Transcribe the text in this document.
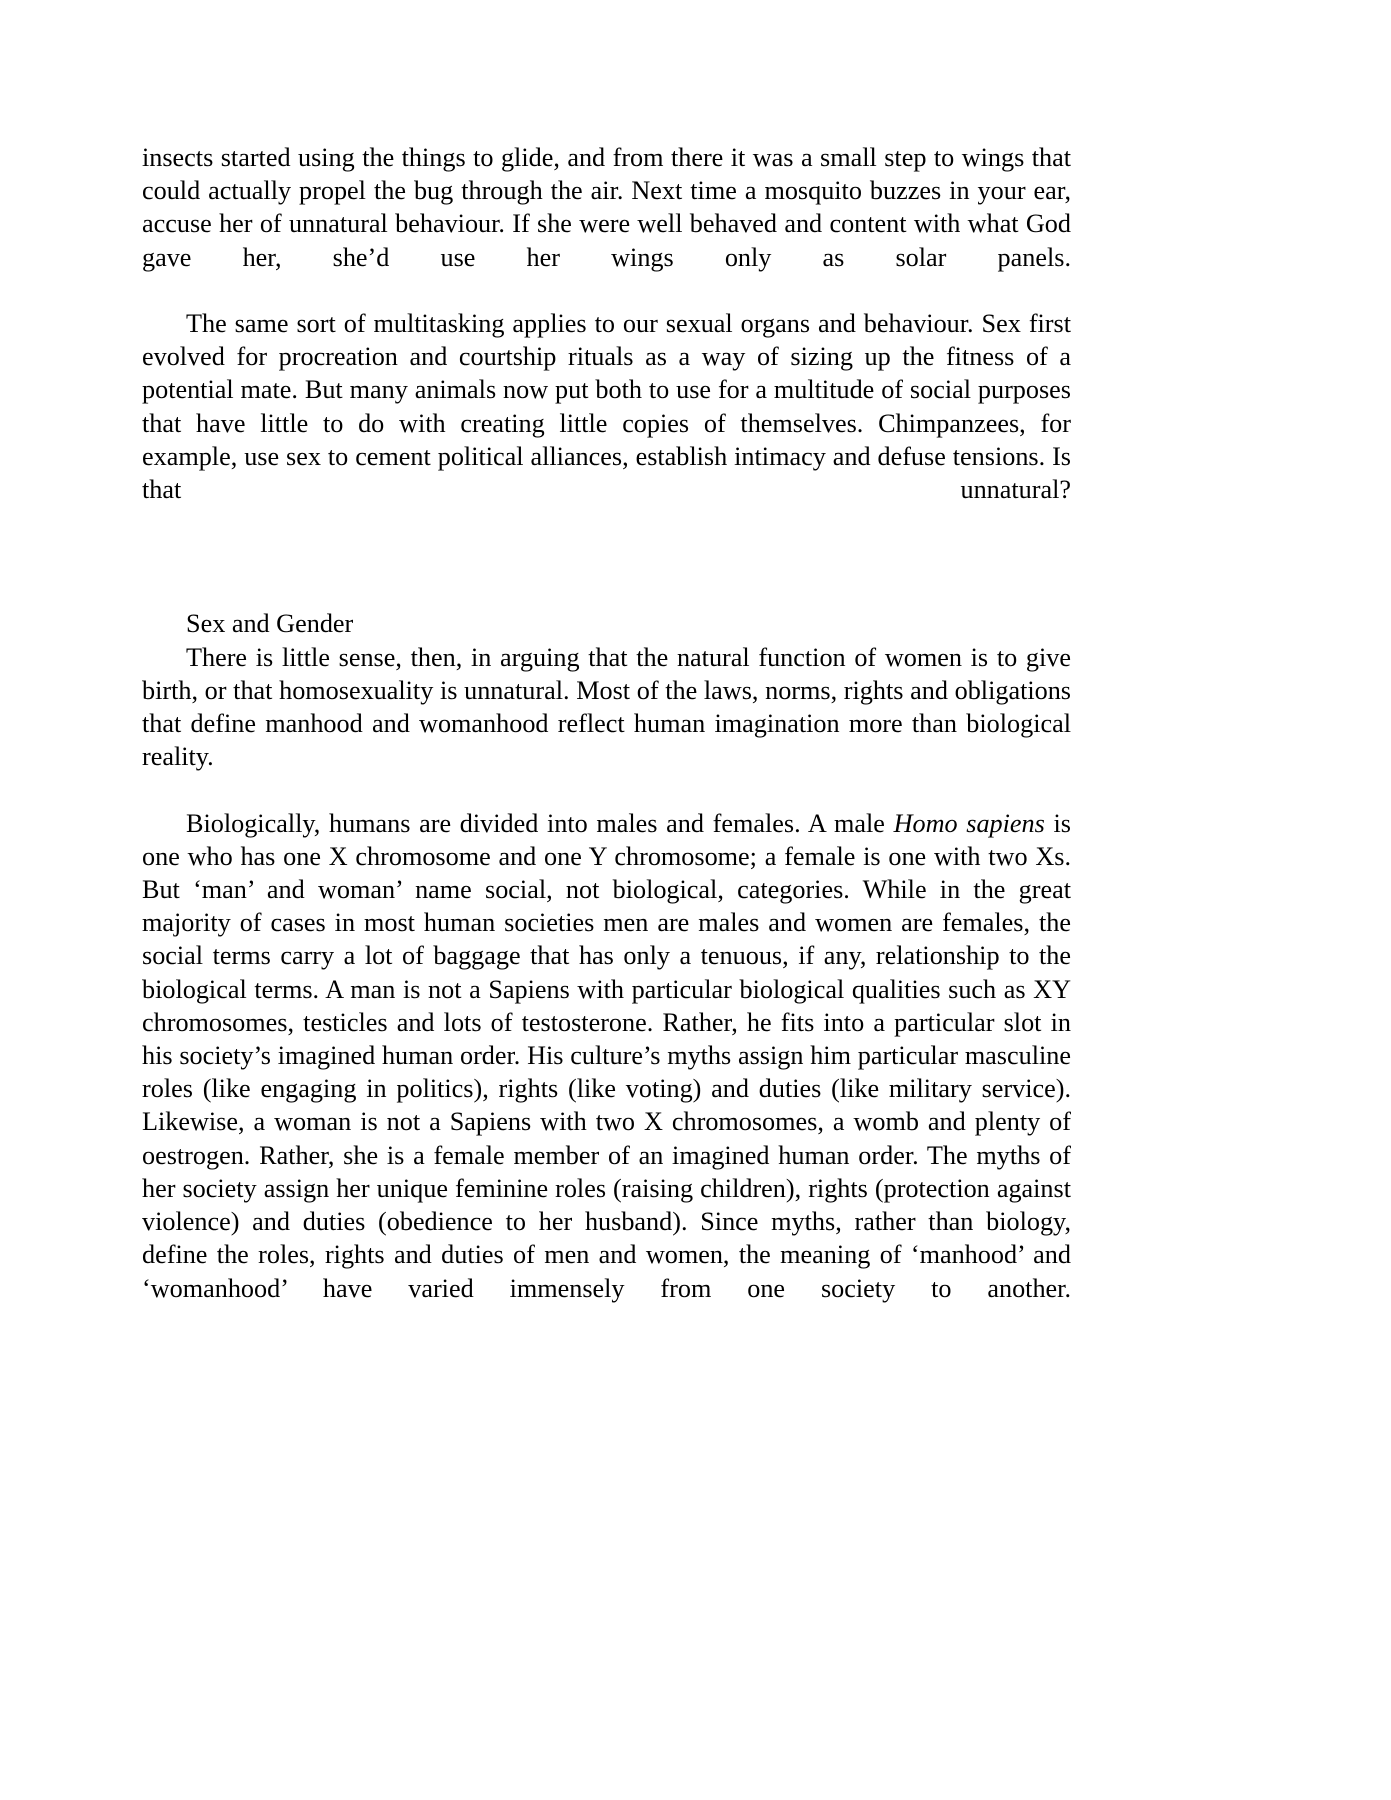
insects started using the things to glide, and from there it was a small step to wings that could actually propel the bug through the air. Next time a mosquito buzzes in your ear, accuse her of unnatural behaviour. If she were well behaved and content with what God gave her, she’d use her wings only as solar panels.

The same sort of multitasking applies to our sexual organs and behaviour. Sex first evolved for procreation and courtship rituals as a way of sizing up the fitness of a potential mate. But many animals now put both to use for a multitude of social purposes that have little to do with creating little copies of themselves. Chimpanzees, for example, use sex to cement political alliances, establish intimacy and defuse tensions. Is that unnatural?

Sex and Gender

There is little sense, then, in arguing that the natural function of women is to give birth, or that homosexuality is unnatural. Most of the laws, norms, rights and obligations that define manhood and womanhood reflect human imagination more than biological reality.

Biologically, humans are divided into males and females. A male Homo sapiens is one who has one X chromosome and one Y chromosome; a female is one with two Xs. But ‘man’ and woman’ name social, not biological, categories. While in the great majority of cases in most human societies men are males and women are females, the social terms carry a lot of baggage that has only a tenuous, if any, relationship to the biological terms. A man is not a Sapiens with particular biological qualities such as XY chromosomes, testicles and lots of testosterone. Rather, he fits into a particular slot in his society’s imagined human order. His culture’s myths assign him particular masculine roles (like engaging in politics), rights (like voting) and duties (like military service). Likewise, a woman is not a Sapiens with two X chromosomes, a womb and plenty of oestrogen. Rather, she is a female member of an imagined human order. The myths of her society assign her unique feminine roles (raising children), rights (protection against violence) and duties (obedience to her husband). Since myths, rather than biology, define the roles, rights and duties of men and women, the meaning of ‘manhood’ and ‘womanhood’ have varied immensely from one society to another.
